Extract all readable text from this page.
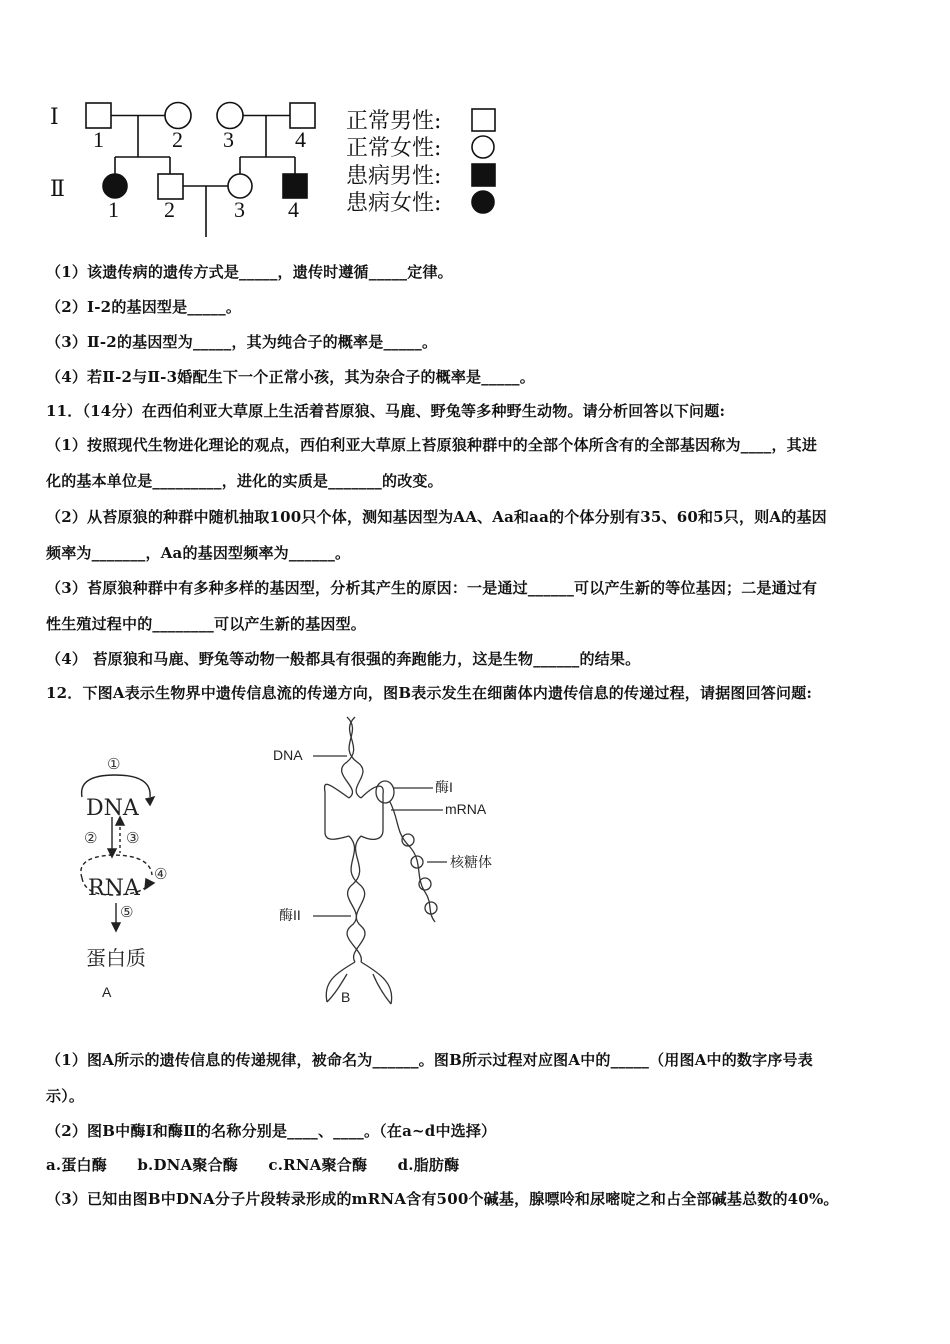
Ⅰ
Ⅱ
1	2 3	4
1 2	3 4
正常男性:
正常女性:
患病男性:
患病女性:
（1）该遗传病的遗传方式是_____，遗传时遵循_____定律。
（2）Ⅰ-2的基因型是_____。
（3）Ⅱ-2的基因型为_____，其为纯合子的概率是_____。
（4）若Ⅱ-2与Ⅱ-3婚配生下一个正常小孩，其为杂合子的概率是_____。
11．（14分）在西伯利亚大草原上生活着苔原狼、马鹿、野兔等多种野生动物。请分析回答以下问题:
（1）按照现代生物进化理论的观点，西伯利亚大草原上苔原狼种群中的全部个体所含有的全部基因称为____，其进
化的基本单位是_________，进化的实质是_______的改变。
（2）从苔原狼的种群中随机抽取100只个体，测知基因型为AA、Aa和aa的个体分别有35、60和5只，则A的基因
频率为_______，Aa的基因型频率为______。
（3）苔原狼种群中有多种多样的基因型，分析其产生的原因：一是通过______可以产生新的等位基因；二是通过有
性生殖过程中的________可以产生新的基因型。
（4） 苔原狼和马鹿、野兔等动物一般都具有很强的奔跑能力，这是生物______的结果。
12．下图A表示生物界中遗传信息流的传递方向，图B表示发生在细菌体内遗传信息的传递过程，请据图回答问题:
①
② ③
④
⑤
DNA
RNA
蛋白质
A
DNA
酶I
mRNA
核糖体
酶II
B
（1）图A所示的遗传信息的传递规律，被命名为______。图B所示过程对应图A中的_____（用图A中的数字序号表
示）。
（2）图B中酶Ⅰ和酶Ⅱ的名称分别是____、____。（在a~d中选择）
a.蛋白酶　　b.DNA聚合酶　　c.RNA聚合酶　　d.脂肪酶
（3）已知由图B中DNA分子片段转录形成的mRNA含有500个碱基，腺嘌呤和尿嘧啶之和占全部碱基总数的40%。
